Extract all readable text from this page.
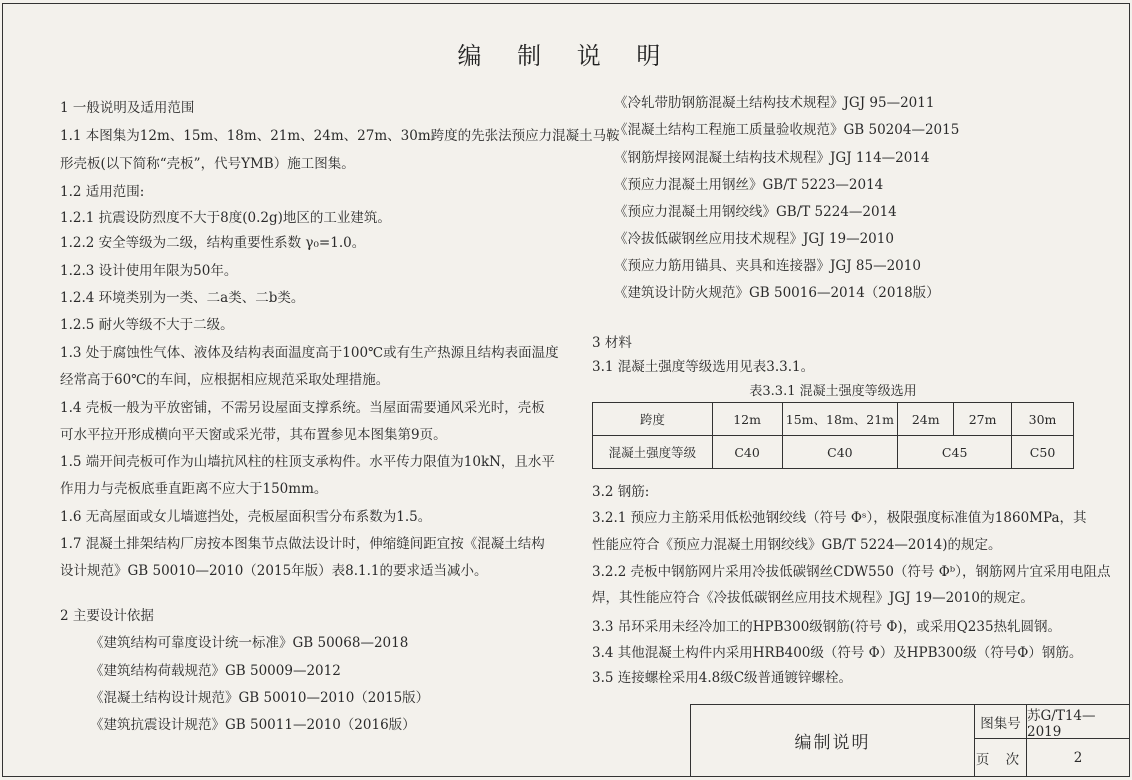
编 制 说 明
1 一般说明及适用范围
1.1 本图集为12m、15m、18m、21m、24m、27m、30m跨度的先张法预应力混凝土马鞍
形壳板(以下简称“壳板”，代号YMB）施工图集。
1.2 适用范围:
1.2.1 抗震设防烈度不大于8度(0.2g)地区的工业建筑。
1.2.2 安全等级为二级，结构重要性系数 γ₀=1.0。
1.2.3 设计使用年限为50年。
1.2.4 环境类别为一类、二a类、二b类。
1.2.5 耐火等级不大于二级。
1.3 处于腐蚀性气体、液体及结构表面温度高于100℃或有生产热源且结构表面温度
经常高于60℃的车间，应根据相应规范采取处理措施。
1.4 壳板一般为平放密铺，不需另设屋面支撑系统。当屋面需要通风采光时，壳板
可水平拉开形成横向平天窗或采光带，其布置参见本图集第9页。
1.5 端开间壳板可作为山墙抗风柱的柱顶支承构件。水平传力限值为10kN，且水平
作用力与壳板底垂直距离不应大于150mm。
1.6 无高屋面或女儿墙遮挡处，壳板屋面积雪分布系数为1.5。
1.7 混凝土排架结构厂房按本图集节点做法设计时，伸缩缝间距宜按《混凝土结构
设计规范》GB 50010—2010（2015年版）表8.1.1的要求适当减小。
2 主要设计依据
《建筑结构可靠度设计统一标准》GB 50068—2018
《建筑结构荷载规范》GB 50009—2012
《混凝土结构设计规范》GB 50010—2010（2015版）
《建筑抗震设计规范》GB 50011—2010（2016版）
《冷轧带肋钢筋混凝土结构技术规程》JGJ 95—2011
《混凝土结构工程施工质量验收规范》GB 50204—2015
《钢筋焊接网混凝土结构技术规程》JGJ 114—2014
《预应力混凝土用钢丝》GB/T 5223—2014
《预应力混凝土用钢绞线》GB/T 5224—2014
《冷拔低碳钢丝应用技术规程》JGJ 19—2010
《预应力筋用锚具、夹具和连接器》JGJ 85—2010
《建筑设计防火规范》GB 50016—2014（2018版）
3 材料
3.1 混凝土强度等级选用见表3.3.1。
3.2 钢筋:
3.2.1 预应力主筋采用低松弛钢绞线（符号 Φˢ），极限强度标准值为1860MPa，其
性能应符合《预应力混凝土用钢绞线》GB/T 5224—2014)的规定。
3.2.2 壳板中钢筋网片采用冷拔低碳钢丝CDW550（符号 Φᵇ），钢筋网片宜采用电阻点
焊，其性能应符合《冷拔低碳钢丝应用技术规程》JGJ 19—2010的规定。
3.3 吊环采用未经冷加工的HPB300级钢筋(符号 Φ)，或采用Q235热轧圆钢。
3.4 其他混凝土构件内采用HRB400级（符号 Φ）及HPB300级（符号Φ）钢筋。
3.5 连接螺栓采用4.8级C级普通镀锌螺栓。
表3.3.1 混凝土强度等级选用
跨度	12m	15m、18m、21m	24m	27m	30m
混凝土强度等级	C40	C40	C45		C50
编制说明
图集号 苏G/T14—2019
页 次	2
